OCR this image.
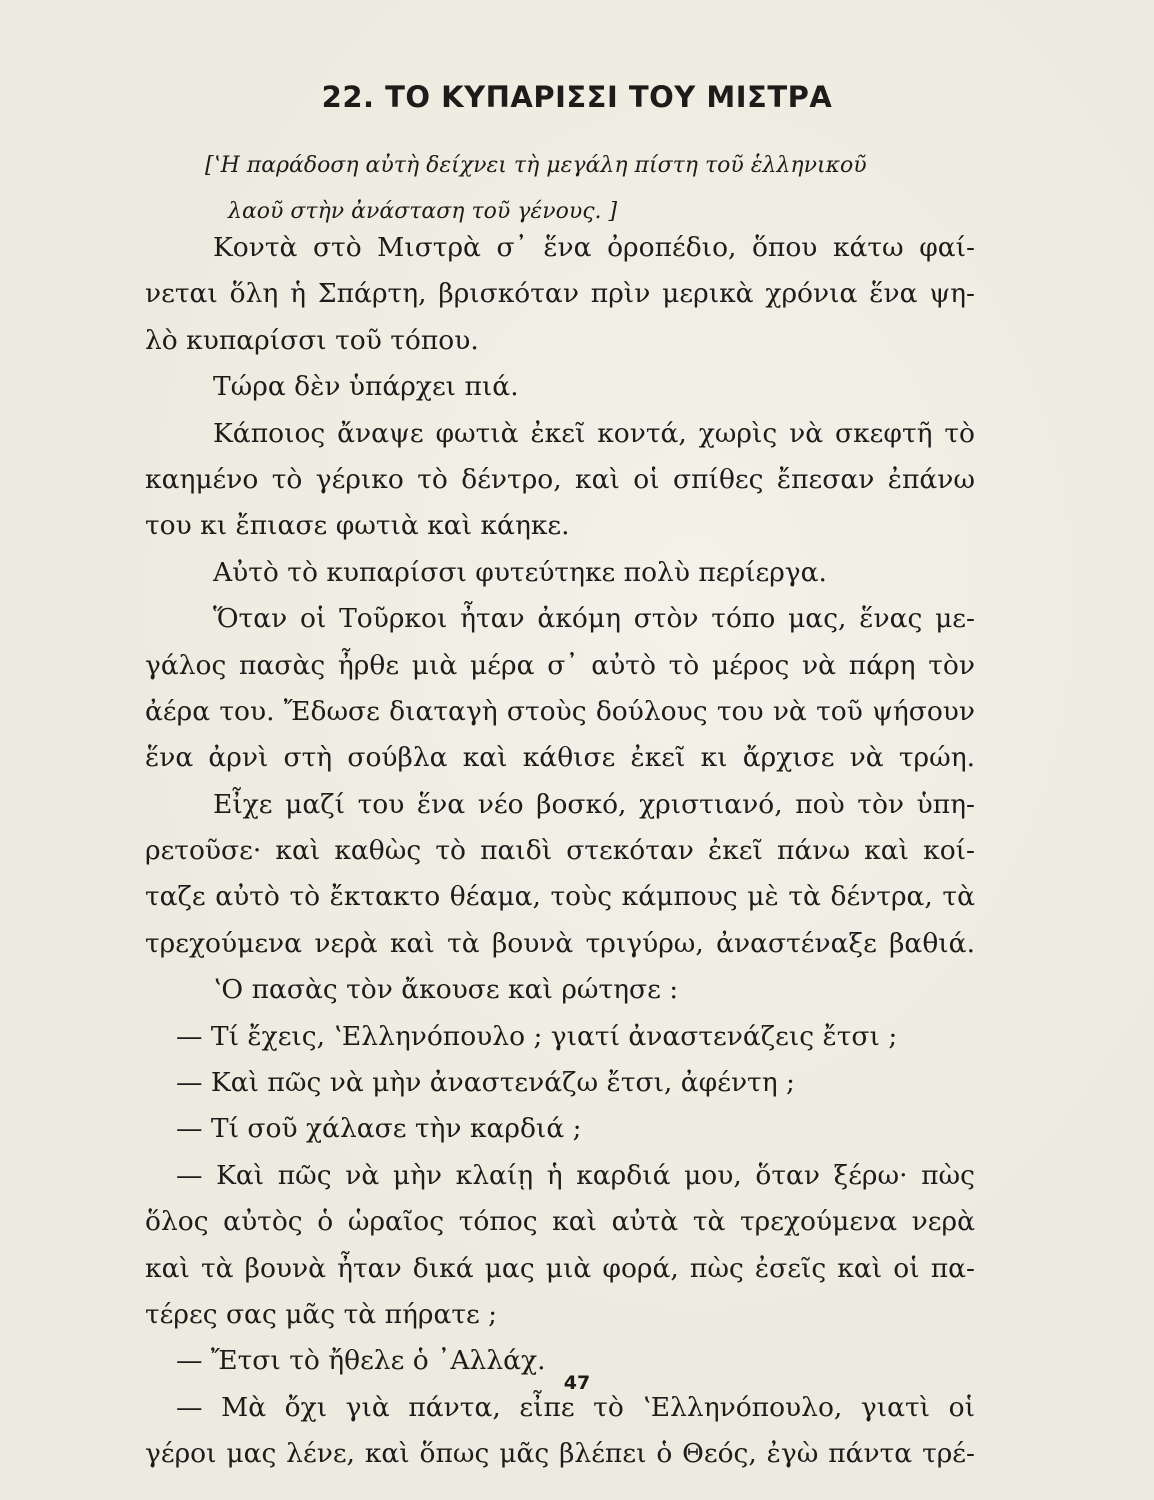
22. ΤΟ ΚΥΠΑΡΙΣΣΙ ΤΟΥ ΜΙΣΤΡΑ
[ʽΗ παράδοση αὐτὴ δείχνει τὴ μεγάλη πίστη τοῦ ἑλληνικοῦ
λαοῦ στὴν ἀνάσταση τοῦ γένους. ]
Κοντὰ στὸ Μιστρὰ σ᾽ ἕνα ὀροπέδιο, ὅπου κάτω φαί-
νεται ὅλη ἡ Σπάρτη, βρισκόταν πρὶν μερικὰ χρόνια ἕνα ψη-
λὸ κυπαρίσσι τοῦ τόπου.
Τώρα δὲν ὑπάρχει πιά.
Κάποιος ἄναψε φωτιὰ ἐκεῖ κοντά, χωρὶς νὰ σκεφτῆ τὸ
καημένο τὸ γέρικο τὸ δέντρο, καὶ οἱ σπίθες ἔπεσαν ἐπάνω
του κι ἔπιασε φωτιὰ καὶ κάηκε.
Αὐτὸ τὸ κυπαρίσσι φυτεύτηκε πολὺ περίεργα.
Ὅταν οἱ Τοῦρκοι ἦταν ἀκόμη στὸν τόπο μας, ἕνας με-
γάλος πασὰς ἦρθε μιὰ μέρα σ᾽ αὐτὸ τὸ μέρος νὰ πάρη τὸν
ἀέρα του. Ἔδωσε διαταγὴ στοὺς δούλους του νὰ τοῦ ψήσουν
ἕνα ἀρνὶ στὴ σούβλα καὶ κάθισε ἐκεῖ κι ἄρχισε νὰ τρώη.
Εἶχε μαζί του ἕνα νέο βοσκό, χριστιανό, ποὺ τὸν ὑπη-
ρετοῦσε· καὶ καθὼς τὸ παιδὶ στεκόταν ἐκεῖ πάνω καὶ κοί-
ταζε αὐτὸ τὸ ἔκτακτο θέαμα, τοὺς κάμπους μὲ τὰ δέντρα, τὰ
τρεχούμενα νερὰ καὶ τὰ βουνὰ τριγύρω, ἀναστέναξε βαθιά.
ʽΟ πασὰς τὸν ἄκουσε καὶ ρώτησε :
— Τί ἔχεις, ʽΕλληνόπουλο ; γιατί ἀναστενάζεις ἔτσι ;
— Καὶ πῶς νὰ μὴν ἀναστενάζω ἔτσι, ἀφέντη ;
— Τί σοῦ χάλασε τὴν καρδιά ;
— Καὶ πῶς νὰ μὴν κλαίῃ ἡ καρδιά μου, ὅταν ξέρω· πὼς
ὅλος αὐτὸς ὁ ὡραῖος τόπος καὶ αὐτὰ τὰ τρεχούμενα νερὰ
καὶ τὰ βουνὰ ἦταν δικά μας μιὰ φορά, πὼς ἐσεῖς καὶ οἱ πα-
τέρες σας μᾶς τὰ πήρατε ;
— Ἔτσι τὸ ἤθελε ὁ ᾽Αλλάχ.
— Μὰ ὄχι γιὰ πάντα, εἶπε τὸ ʽΕλληνόπουλο, γιατὶ οἱ
γέροι μας λένε, καὶ ὅπως μᾶς βλέπει ὁ Θεός, ἐγὼ πάντα τρέ-
47
